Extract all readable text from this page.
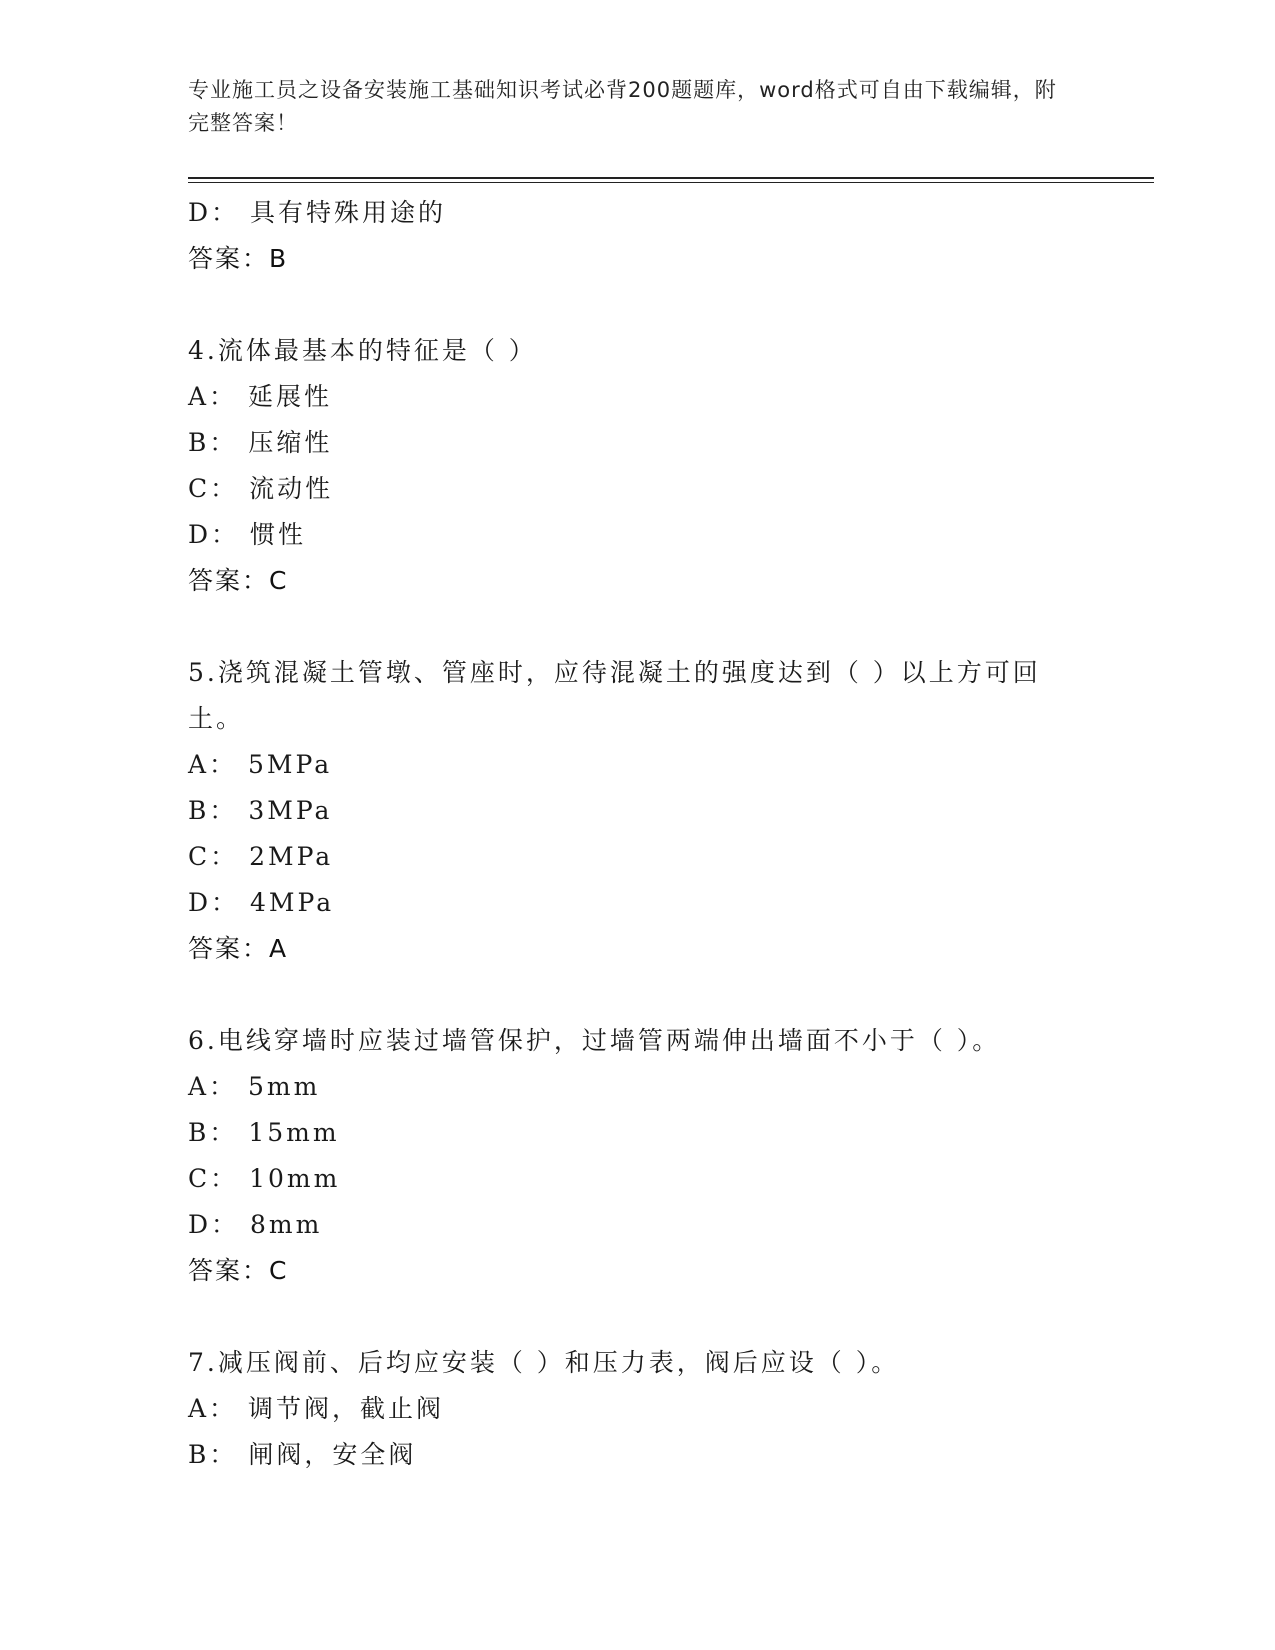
专业施工员之设备安装施工基础知识考试必背200题题库，word格式可自由下载编辑，附完整答案！
D： 具有特殊用途的
答案：B
4.流体最基本的特征是（ ）
A： 延展性
B： 压缩性
C： 流动性
D： 惯性
答案：C
5.浇筑混凝土管墩、管座时，应待混凝土的强度达到（ ）以上方可回土。
A： 5MPa
B： 3MPa
C： 2MPa
D： 4MPa
答案：A
6.电线穿墙时应装过墙管保护，过墙管两端伸出墙面不小于（ ）。
A： 5mm
B： 15mm
C： 10mm
D： 8mm
答案：C
7.减压阀前、后均应安装（ ）和压力表，阀后应设（ ）。
A： 调节阀，截止阀
B： 闸阀，安全阀
